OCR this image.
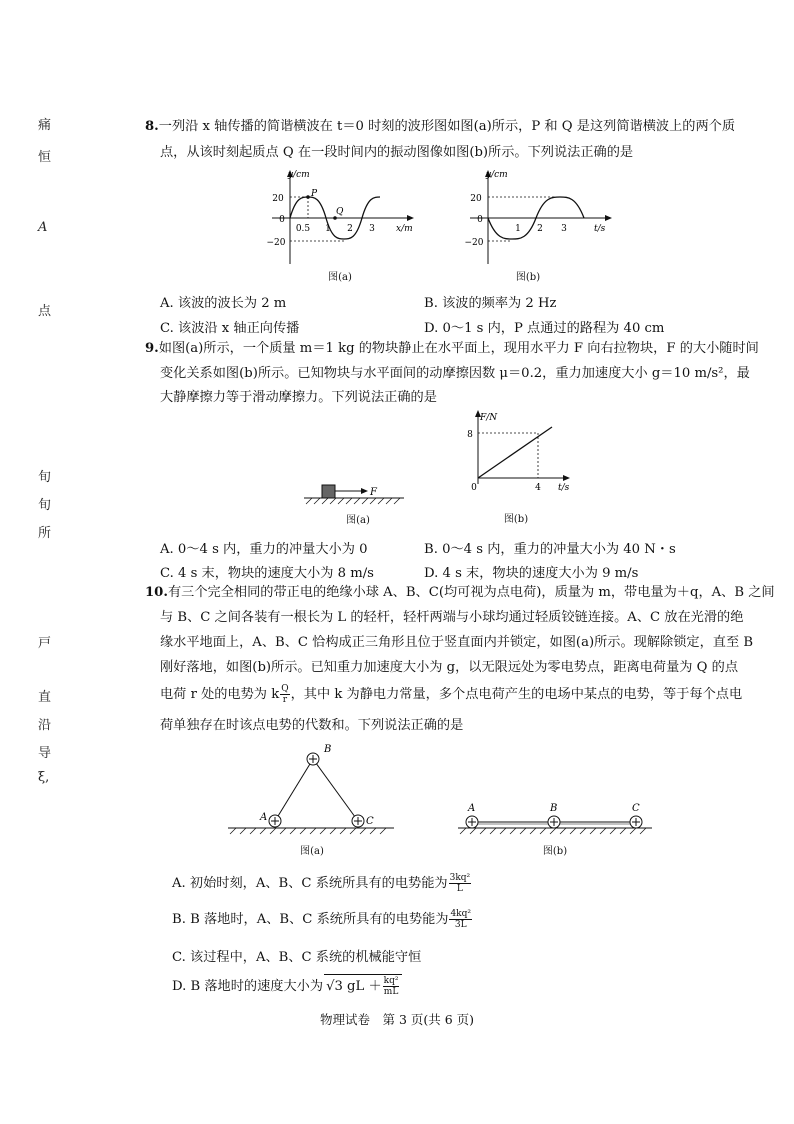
痛
恒
A
点
旬
旬
所
戸
直
沿
导
ξ,
8.一列沿 x 轴传播的简谐横波在 t＝0 时刻的波形图如图(a)所示，P 和 Q 是这列简谐横波上的两个质
点，从该时刻起质点 Q 在一段时间内的振动图像如图(b)所示。下列说法正确的是
y/cm
20
0
−20
0.5 1 2 3 x/m
P
Q
图(a)
y/cm
20
0
−20
1 2 3	t/s
图(b)
A. 该波的波长为 2 m	B. 该波的频率为 2 Hz
C. 该波沿 x 轴正向传播	D. 0～1 s 内，P 点通过的路程为 40 cm
9.如图(a)所示，一个质量 m＝1 kg 的物块静止在水平面上，现用水平力 F 向右拉物块，F 的大小随时间
变化关系如图(b)所示。已知物块与水平面间的动摩擦因数 μ＝0.2，重力加速度大小 g＝10 m/s²，最
大静摩擦力等于滑动摩擦力。下列说法正确的是
F
图(a)
F/N
8
0	4 t/s
图(b)
A. 0～4 s 内，重力的冲量大小为 0	B. 0～4 s 内，重力的冲量大小为 40 N・s
C. 4 s 末，物块的速度大小为 8 m/s	D. 4 s 末，物块的速度大小为 9 m/s
10.有三个完全相同的带正电的绝缘小球 A、B、C(均可视为点电荷)，质量为 m，带电量为＋q，A、B 之间
与 B、C 之间各装有一根长为 L 的轻杆，轻杆两端与小球均通过轻质铰链连接。A、C 放在光滑的绝
缘水平地面上，A、B、C 恰构成正三角形且位于竖直面内并锁定，如图(a)所示。现解除锁定，直至 B
刚好落地，如图(b)所示。已知重力加速度大小为 g，以无限远处为零电势点，距离电荷量为 Q 的点
电荷 r 处的电势为 k $\frac{Q}{r}$ ，其中 k 为静电力常量，多个点电荷产生的电场中某点的电势，等于每个点电
荷单独存在时该点电势的代数和。下列说法正确的是
A
B
C
图(a)
A	B	C
图(b)
A. 初始时刻，A、B、C 系统所具有的电势能为 $\frac{\text{3kq²}}{L}$
B. B 落地时，A、B、C 系统所具有的电势能为 $\frac{\text{4kq²}}{3L}$
C. 该过程中，A、B、C 系统的机械能守恒
D. B 落地时的速度大小为 √3 gL ＋ $\frac{\text{kq²}}{mL}$
物理试卷　第 3 页(共 6 页)
